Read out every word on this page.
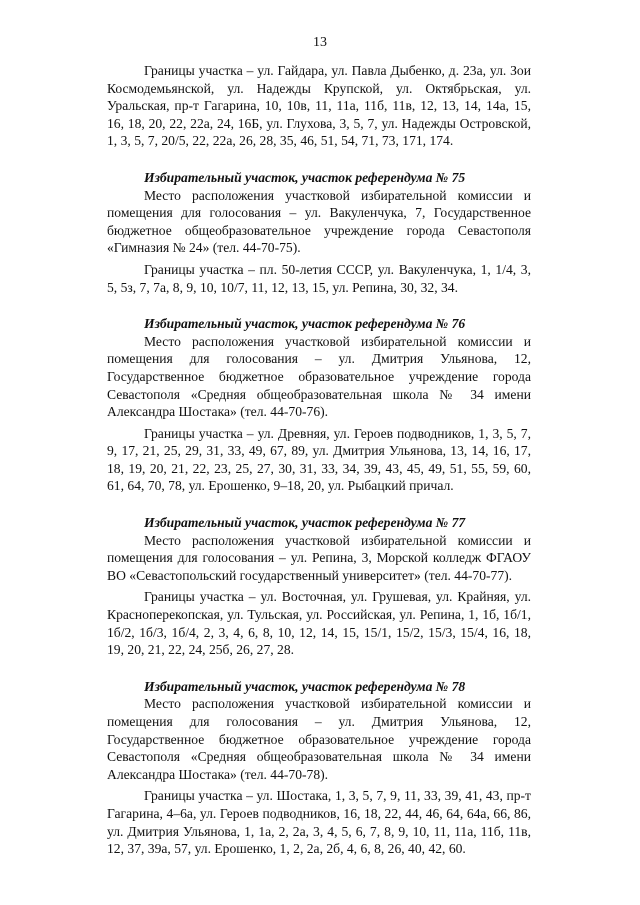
13

Границы участка – ул. Гайдара, ул. Павла Дыбенко, д. 23а, ул. Зои Космодемьянской, ул. Надежды Крупской, ул. Октябрьская, ул. Уральская, пр-т Гагарина, 10, 10в, 11, 11а, 11б, 11в, 12, 13, 14, 14а, 15, 16, 18, 20, 22, 22а, 24, 16Б, ул. Глухова, 3, 5, 7, ул. Надежды Островской, 1, 3, 5, 7, 20/5, 22, 22а, 26, 28, 35, 46, 51, 54, 71, 73, 171, 174.

Избирательный участок, участок референдума № 75

Место расположения участковой избирательной комиссии и помещения для голосования – ул. Вакуленчука, 7, Государственное бюджетное общеобразовательное учреждение города Севастополя «Гимназия № 24» (тел. 44-70-75).

Границы участка – пл. 50-летия СССР, ул. Вакуленчука, 1, 1/4, 3, 5, 5з, 7, 7а, 8, 9, 10, 10/7, 11, 12, 13, 15, ул. Репина, 30, 32, 34.

Избирательный участок, участок референдума № 76

Место расположения участковой избирательной комиссии и помещения для голосования – ул. Дмитрия Ульянова, 12, Государственное бюджетное образовательное учреждение города Севастополя «Средняя общеобразовательная школа № 34 имени Александра Шостака» (тел. 44-70-76).

Границы участка – ул. Древняя, ул. Героев подводников, 1, 3, 5, 7, 9, 17, 21, 25, 29, 31, 33, 49, 67, 89, ул. Дмитрия Ульянова, 13, 14, 16, 17, 18, 19, 20, 21, 22, 23, 25, 27, 30, 31, 33, 34, 39, 43, 45, 49, 51, 55, 59, 60, 61, 64, 70, 78, ул. Ерошенко, 9–18, 20, ул. Рыбацкий причал.

Избирательный участок, участок референдума № 77

Место расположения участковой избирательной комиссии и помещения для голосования – ул. Репина, 3, Морской колледж ФГАОУ ВО «Севастопольский государственный университет» (тел. 44-70-77).

Границы участка – ул. Восточная, ул. Грушевая, ул. Крайняя, ул. Красноперекопская, ул. Тульская, ул. Российская, ул. Репина, 1, 1б, 1б/1, 1б/2, 1б/3, 1б/4, 2, 3, 4, 6, 8, 10, 12, 14, 15, 15/1, 15/2, 15/3, 15/4, 16, 18, 19, 20, 21, 22, 24, 25б, 26, 27, 28.

Избирательный участок, участок референдума № 78

Место расположения участковой избирательной комиссии и помещения для голосования – ул. Дмитрия Ульянова, 12, Государственное бюджетное образовательное учреждение города Севастополя «Средняя общеобразовательная школа № 34 имени Александра Шостака» (тел. 44-70-78).

Границы участка – ул. Шостака, 1, 3, 5, 7, 9, 11, 33, 39, 41, 43, пр-т Гагарина, 4–6а, ул. Героев подводников, 16, 18, 22, 44, 46, 64, 64а, 66, 86, ул. Дмитрия Ульянова, 1, 1а, 2, 2а, 3, 4, 5, 6, 7, 8, 9, 10, 11, 11а, 11б, 11в, 12, 37, 39а, 57, ул. Ерошенко, 1, 2, 2а, 2б, 4, 6, 8, 26, 40, 42, 60.
